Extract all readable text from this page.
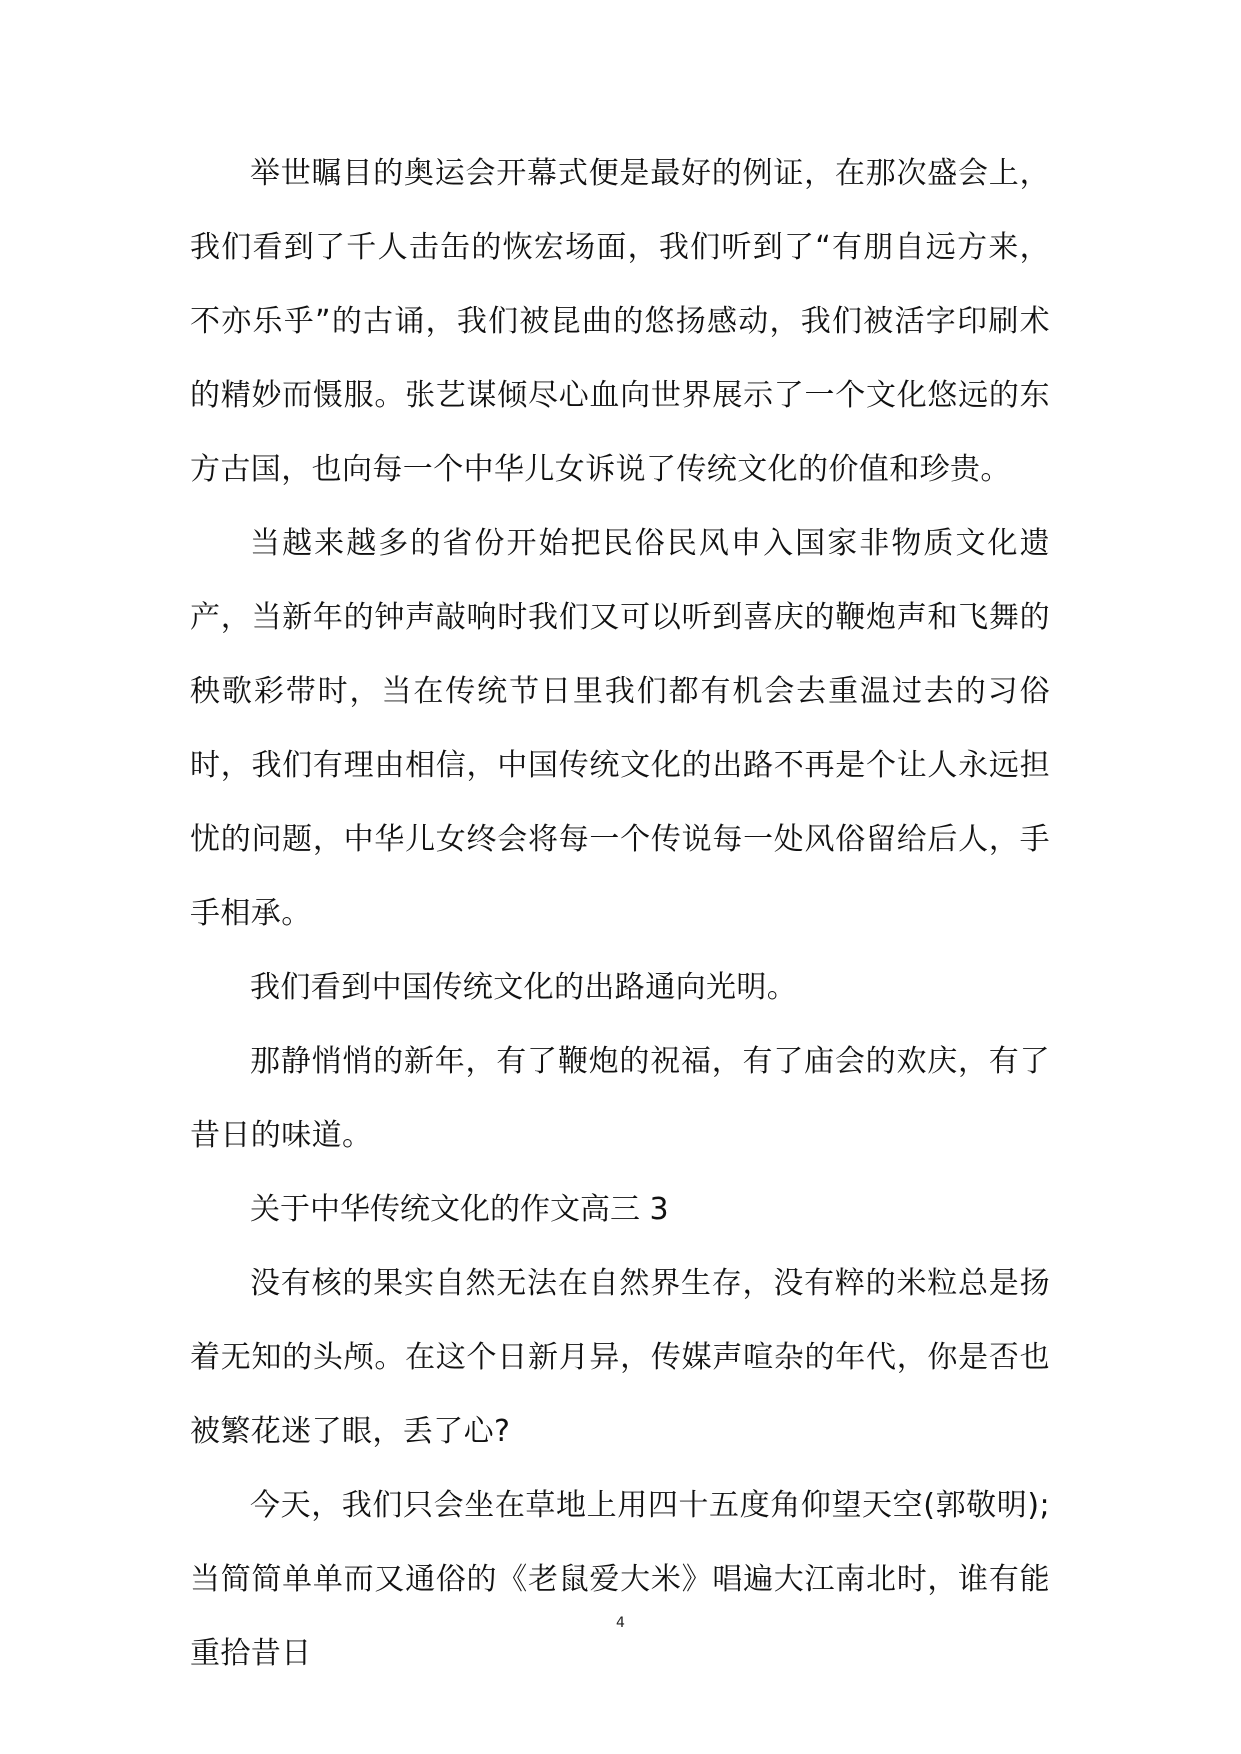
举世瞩目的奥运会开幕式便是最好的例证，在那次盛会上，我们看到了千人击缶的恢宏场面，我们听到了“有朋自远方来，不亦乐乎”的古诵，我们被昆曲的悠扬感动，我们被活字印刷术的精妙而慑服。张艺谋倾尽心血向世界展示了一个文化悠远的东方古国，也向每一个中华儿女诉说了传统文化的价值和珍贵。

当越来越多的省份开始把民俗民风申入国家非物质文化遗产，当新年的钟声敲响时我们又可以听到喜庆的鞭炮声和飞舞的秧歌彩带时，当在传统节日里我们都有机会去重温过去的习俗时，我们有理由相信，中国传统文化的出路不再是个让人永远担忧的问题，中华儿女终会将每一个传说每一处风俗留给后人，手手相承。

我们看到中国传统文化的出路通向光明。

那静悄悄的新年，有了鞭炮的祝福，有了庙会的欢庆，有了昔日的味道。

关于中华传统文化的作文高三 3

没有核的果实自然无法在自然界生存，没有粹的米粒总是扬着无知的头颅。在这个日新月异，传媒声喧杂的年代，你是否也被繁花迷了眼，丢了心?

今天，我们只会坐在草地上用四十五度角仰望天空(郭敬明);当简简单单而又通俗的《老鼠爱大米》唱遍大江南北时，谁有能重拾昔日

4
